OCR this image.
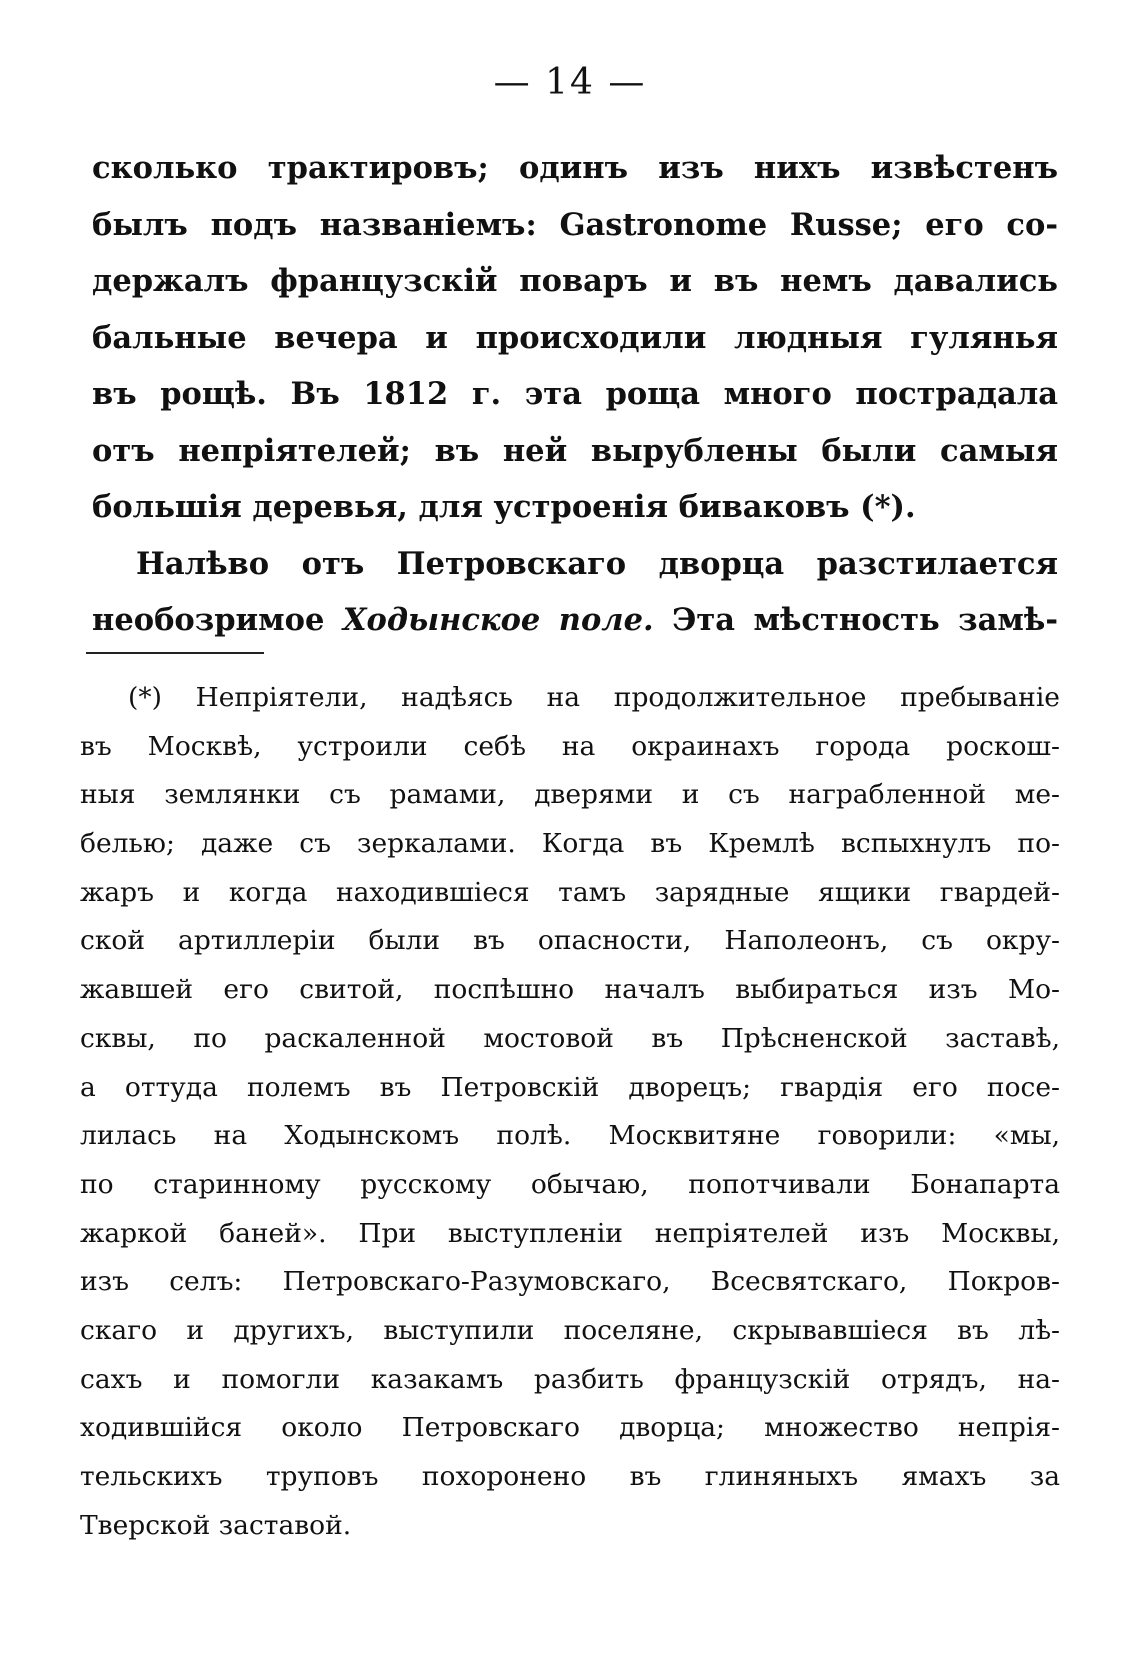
— 14 —
сколько трактировъ; одинъ изъ нихъ извѣстенъ
былъ подъ названіемъ: Gastronome Russe; его со-
держалъ французскій поваръ и въ немъ давались
бальные вечера и происходили людныя гулянья
въ рощѣ. Въ 1812 г. эта роща много пострадала
отъ непріятелей; въ ней вырублены были самыя
большія деревья, для устроенія биваковъ (*).
Налѣво отъ Петровскаго дворца разстилается
необозримое Ходынское поле. Эта мѣстность замѣ-
(*) Непріятели, надѣясь на продолжительное пребываніе
въ Москвѣ, устроили себѣ на окраинахъ города роскош-
ныя землянки съ рамами, дверями и съ награбленной ме-
белью; даже съ зеркалами. Когда въ Кремлѣ вспыхнулъ по-
жаръ и когда находившіеся тамъ зарядные ящики гвардей-
ской артиллеріи были въ опасности, Наполеонъ, съ окру-
жавшей его свитой, поспѣшно началъ выбираться изъ Мо-
сквы, по раскаленной мостовой въ Прѣсненской заставѣ,
а оттуда полемъ въ Петровскій дворецъ; гвардія его посе-
лилась на Ходынскомъ полѣ. Москвитяне говорили: «мы,
по старинному русскому обычаю, попотчивали Бонапарта
жаркой баней». При выступленіи непріятелей изъ Москвы,
изъ селъ: Петровскаго-Разумовскаго, Всесвятскаго, Покров-
скаго и другихъ, выступили поселяне, скрывавшіеся въ лѣ-
сахъ и помогли казакамъ разбить французскій отрядъ, на-
ходившійся около Петровскаго дворца; множество непрія-
тельскихъ труповъ похоронено въ глиняныхъ ямахъ за
Тверской заставой.
